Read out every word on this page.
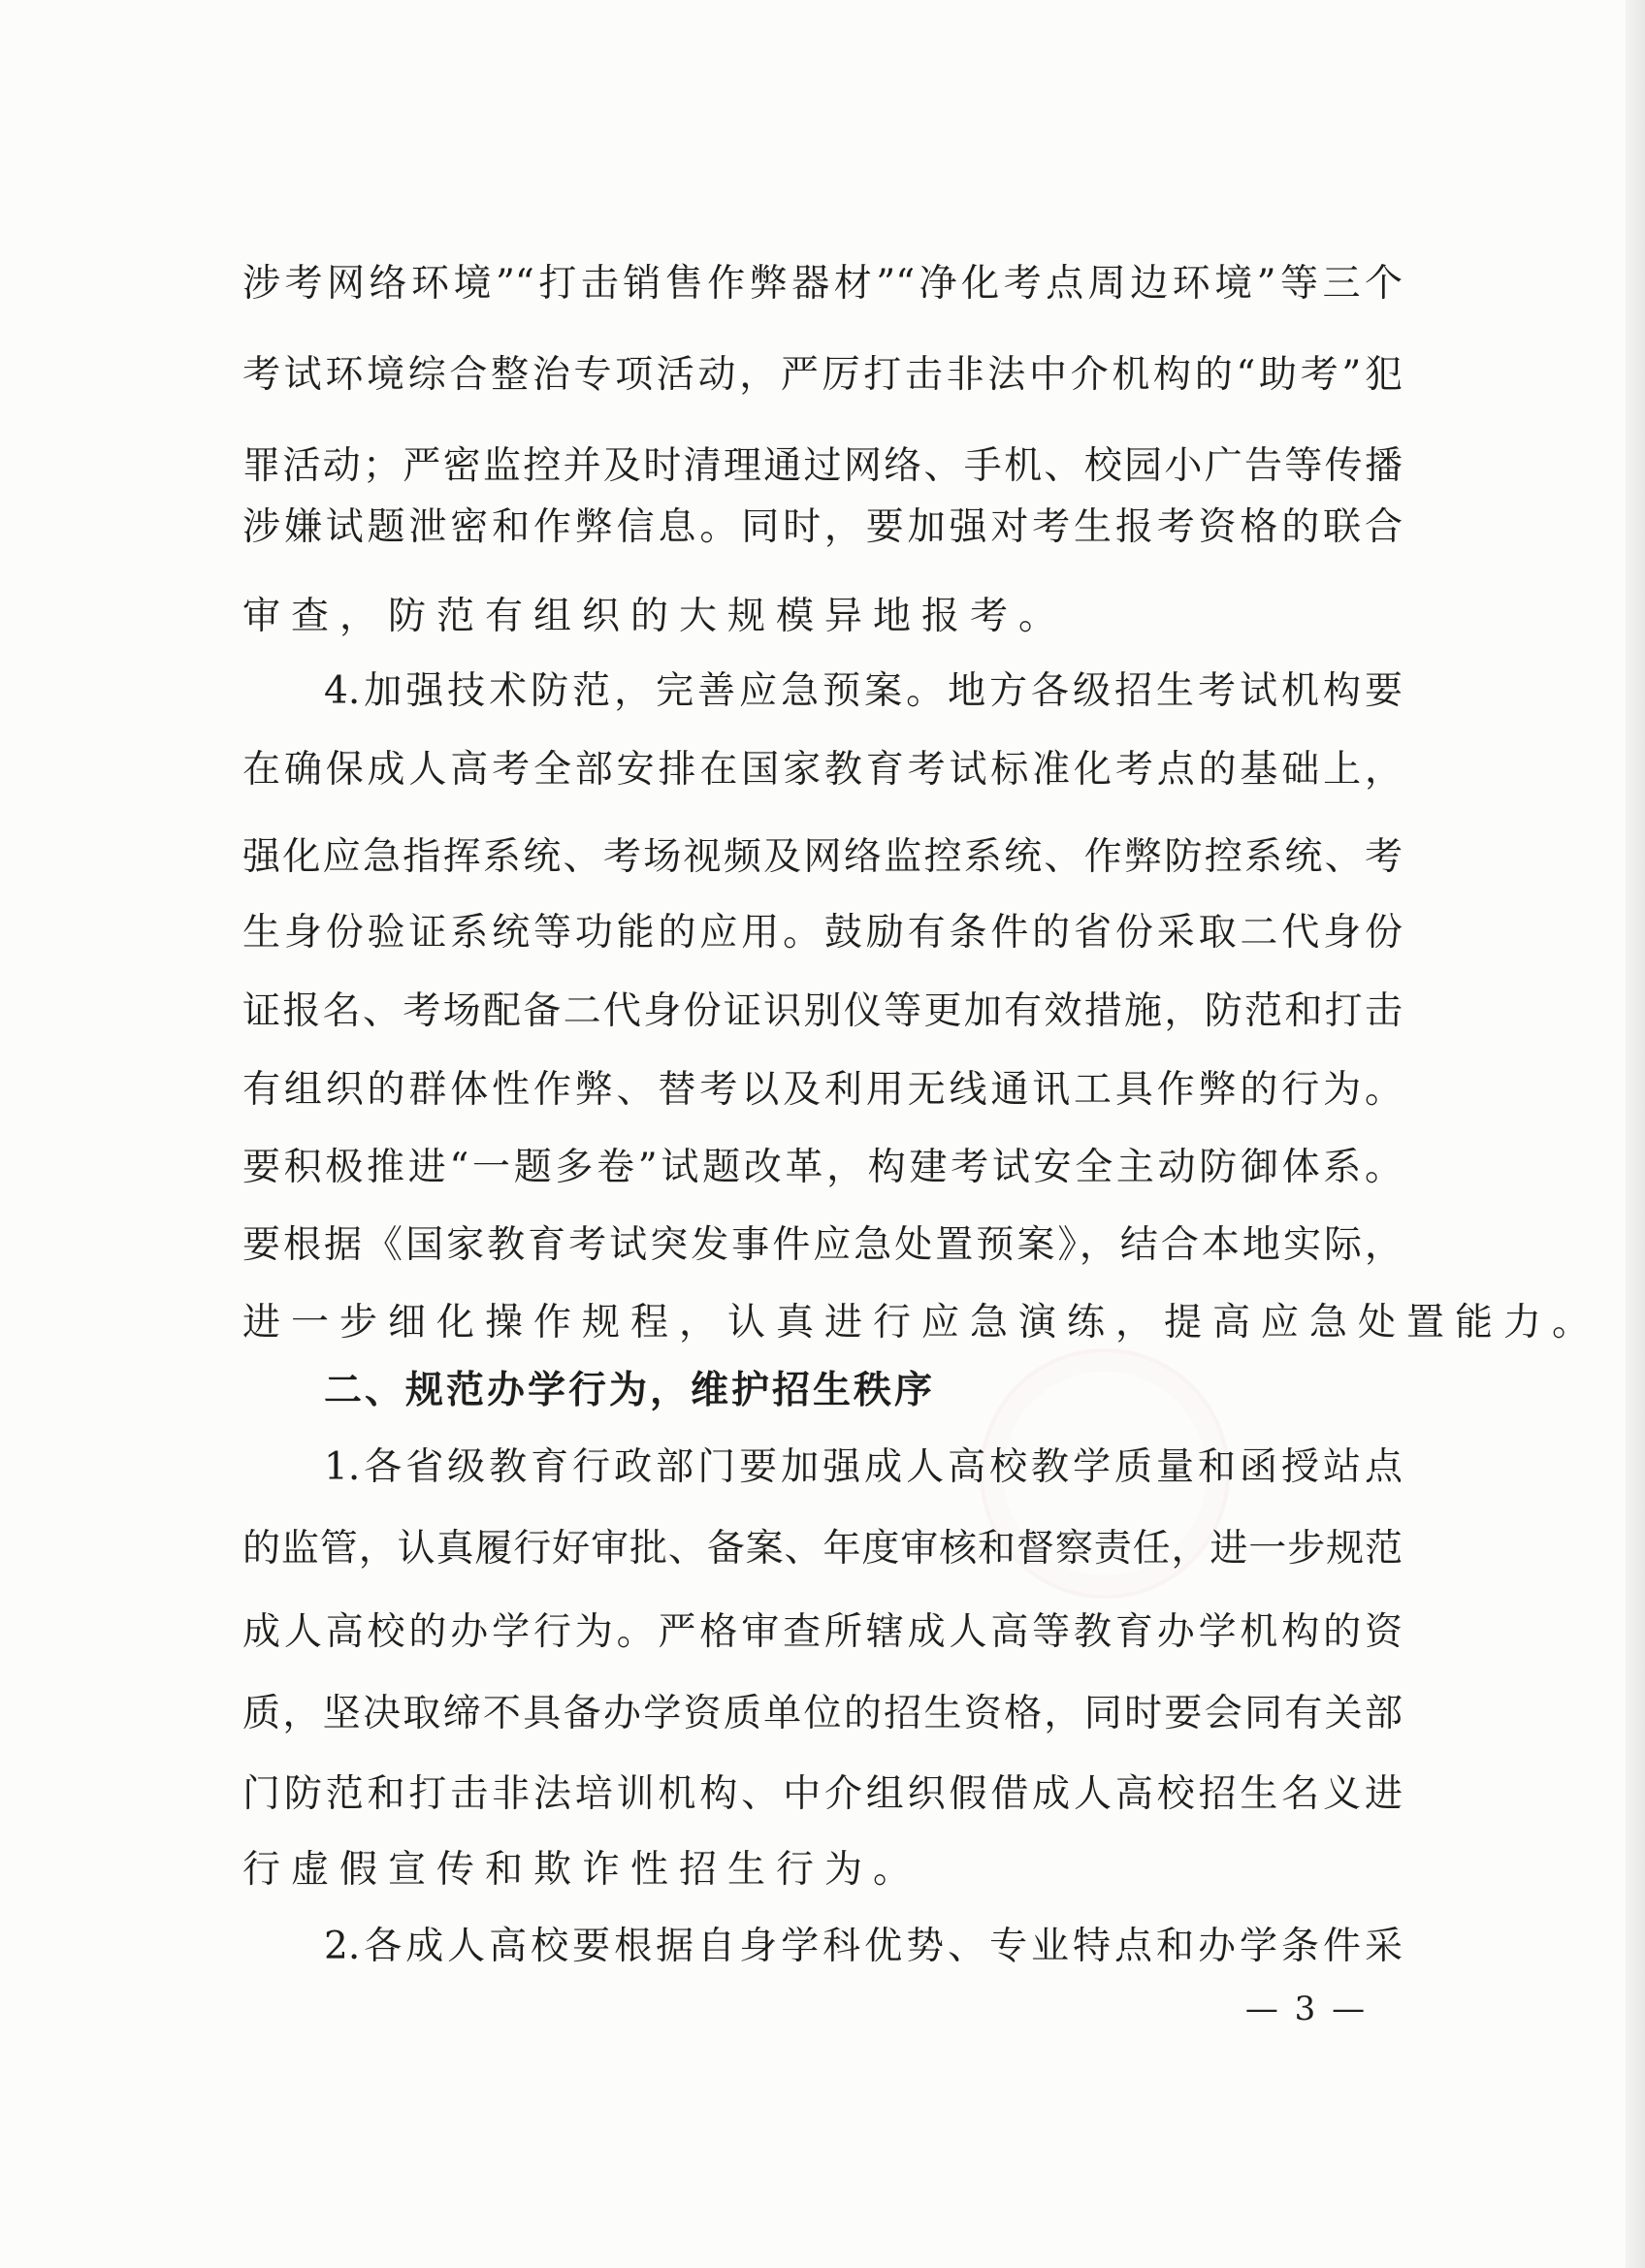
涉考网络环境”“打击销售作弊器材”“净化考点周边环境”等三个

考试环境综合整治专项活动，严厉打击非法中介机构的“助考”犯

罪活动；严密监控并及时清理通过网络、手机、校园小广告等传播

涉嫌试题泄密和作弊信息。同时，要加强对考生报考资格的联合

审查，防范有组织的大规模异地报考。

4.加强技术防范，完善应急预案。地方各级招生考试机构要

在确保成人高考全部安排在国家教育考试标准化考点的基础上，

强化应急指挥系统、考场视频及网络监控系统、作弊防控系统、考

生身份验证系统等功能的应用。鼓励有条件的省份采取二代身份

证报名、考场配备二代身份证识别仪等更加有效措施，防范和打击

有组织的群体性作弊、替考以及利用无线通讯工具作弊的行为。

要积极推进“一题多卷”试题改革，构建考试安全主动防御体系。

要根据《国家教育考试突发事件应急处置预案》，结合本地实际，

进一步细化操作规程，认真进行应急演练，提高应急处置能力。

二、规范办学行为，维护招生秩序

1.各省级教育行政部门要加强成人高校教学质量和函授站点

的监管，认真履行好审批、备案、年度审核和督察责任，进一步规范

成人高校的办学行为。严格审查所辖成人高等教育办学机构的资

质，坚决取缔不具备办学资质单位的招生资格，同时要会同有关部

门防范和打击非法培训机构、中介组织假借成人高校招生名义进

行虚假宣传和欺诈性招生行为。

2.各成人高校要根据自身学科优势、专业特点和办学条件采

— 3 —
